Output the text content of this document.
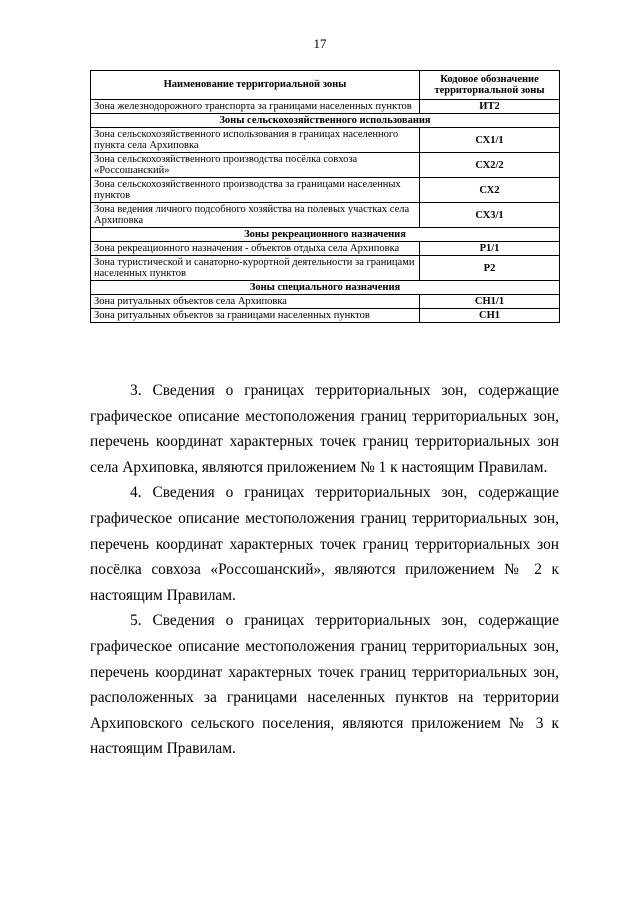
17
Наименование территориальной зоны	Кодовое обозначение территориальной зоны
Зона железнодорожного транспорта за границами населенных пунктов	ИТ2
Зоны сельскохозяйственного использования	
Зона сельскохозяйственного использования в границах населенного пункта села Архиповка	СХ1/1
Зона сельскохозяйственного производства посёлка совхоза «Россошанский»	СХ2/2
Зона сельскохозяйственного производства за границами населенных пунктов	СХ2
Зона ведения личного подсобного хозяйства на полевых участках села Архиповка	СХ3/1
Зоны рекреационного назначения	
Зона рекреационного назначения - объектов отдыха села Архиповка	Р1/1
Зона туристической и санаторно-курортной деятельности за границами населенных пунктов	Р2
Зоны специального назначения	
Зона ритуальных объектов села Архиповка	СН1/1
Зона ритуальных объектов за границами населенных пунктов	СН1

3. Сведения о границах территориальных зон, содержащие графическое описание местоположения границ территориальных зон, перечень координат характерных точек границ территориальных зон села Архиповка, являются приложением № 1 к настоящим Правилам.

4. Сведения о границах территориальных зон, содержащие графическое описание местоположения границ территориальных зон, перечень координат характерных точек границ территориальных зон посёлка совхоза «Россошанский», являются приложением № 2 к настоящим Правилам.

5. Сведения о границах территориальных зон, содержащие графическое описание местоположения границ территориальных зон, перечень координат характерных точек границ территориальных зон, расположенных за границами населенных пунктов на территории Архиповского сельского поселения, являются приложением № 3 к настоящим Правилам.
